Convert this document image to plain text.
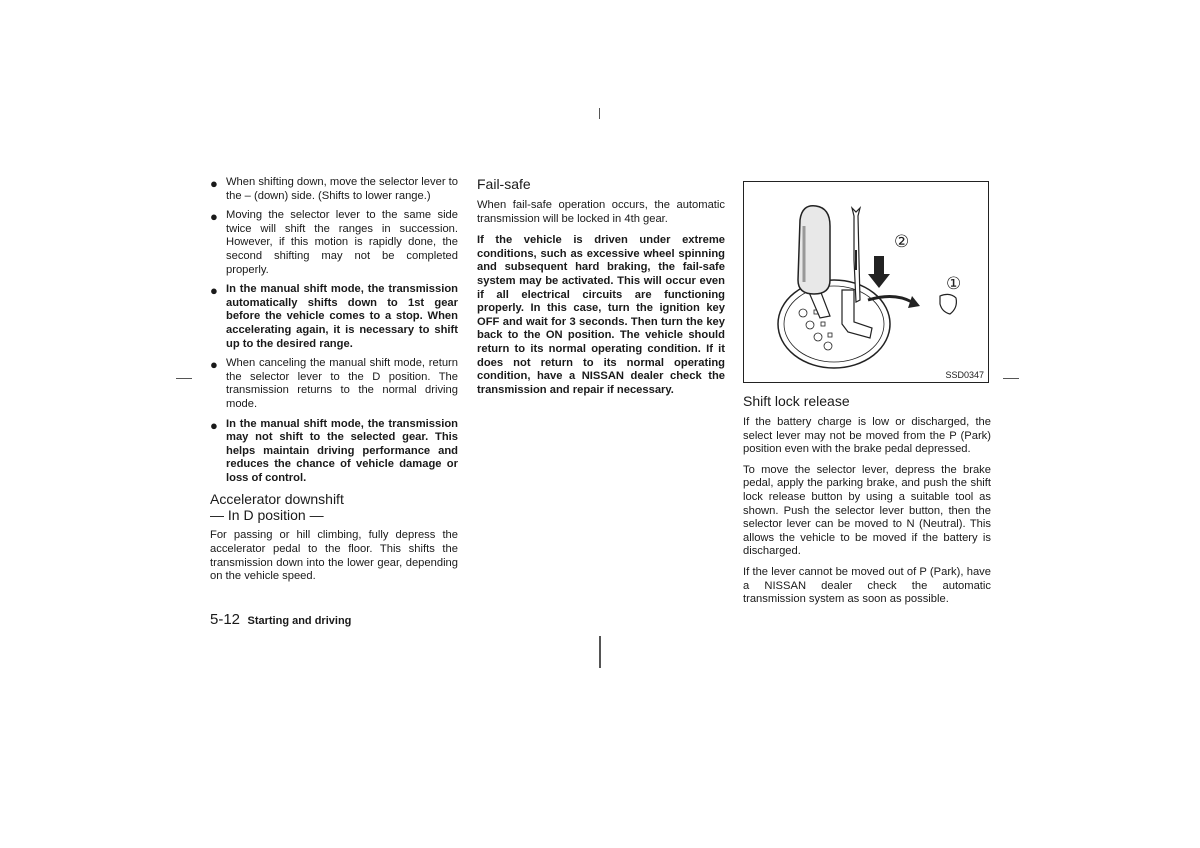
● When shifting down, move the selector lever to the – (down) side. (Shifts to lower range.)
● Moving the selector lever to the same side twice will shift the ranges in succession. However, if this motion is rapidly done, the second shifting may not be completed properly.
● In the manual shift mode, the transmission automatically shifts down to 1st gear before the vehicle comes to a stop. When accelerating again, it is necessary to shift up to the desired range.
● When canceling the manual shift mode, return the selector lever to the D position. The transmission returns to the normal driving mode.
● In the manual shift mode, the transmission may not shift to the selected gear. This helps maintain driving performance and reduces the chance of vehicle damage or loss of control.
Accelerator downshift
— In D position —

For passing or hill climbing, fully depress the accelerator pedal to the floor. This shifts the transmission down into the lower gear, depending on the vehicle speed.

Fail-safe

When fail-safe operation occurs, the automatic transmission will be locked in 4th gear.

If the vehicle is driven under extreme conditions, such as excessive wheel spinning and subsequent hard braking, the fail-safe system may be activated. This will occur even if all electrical circuits are functioning properly. In this case, turn the ignition key OFF and wait for 3 seconds. Then turn the key back to the ON position. The vehicle should return to its normal operating condition. If it does not return to its normal operating condition, have a NISSAN dealer check the transmission and repair if necessary.

②
①
SSD0347
Shift lock release

If the battery charge is low or discharged, the select lever may not be moved from the P (Park) position even with the brake pedal depressed.

To move the selector lever, depress the brake pedal, apply the parking brake, and push the shift lock release button by using a suitable tool as shown. Push the selector lever button, then the selector lever can be moved to N (Neutral). This allows the vehicle to be moved if the battery is discharged.

If the lever cannot be moved out of P (Park), have a NISSAN dealer check the automatic transmission system as soon as possible.

5-12 Starting and driving
